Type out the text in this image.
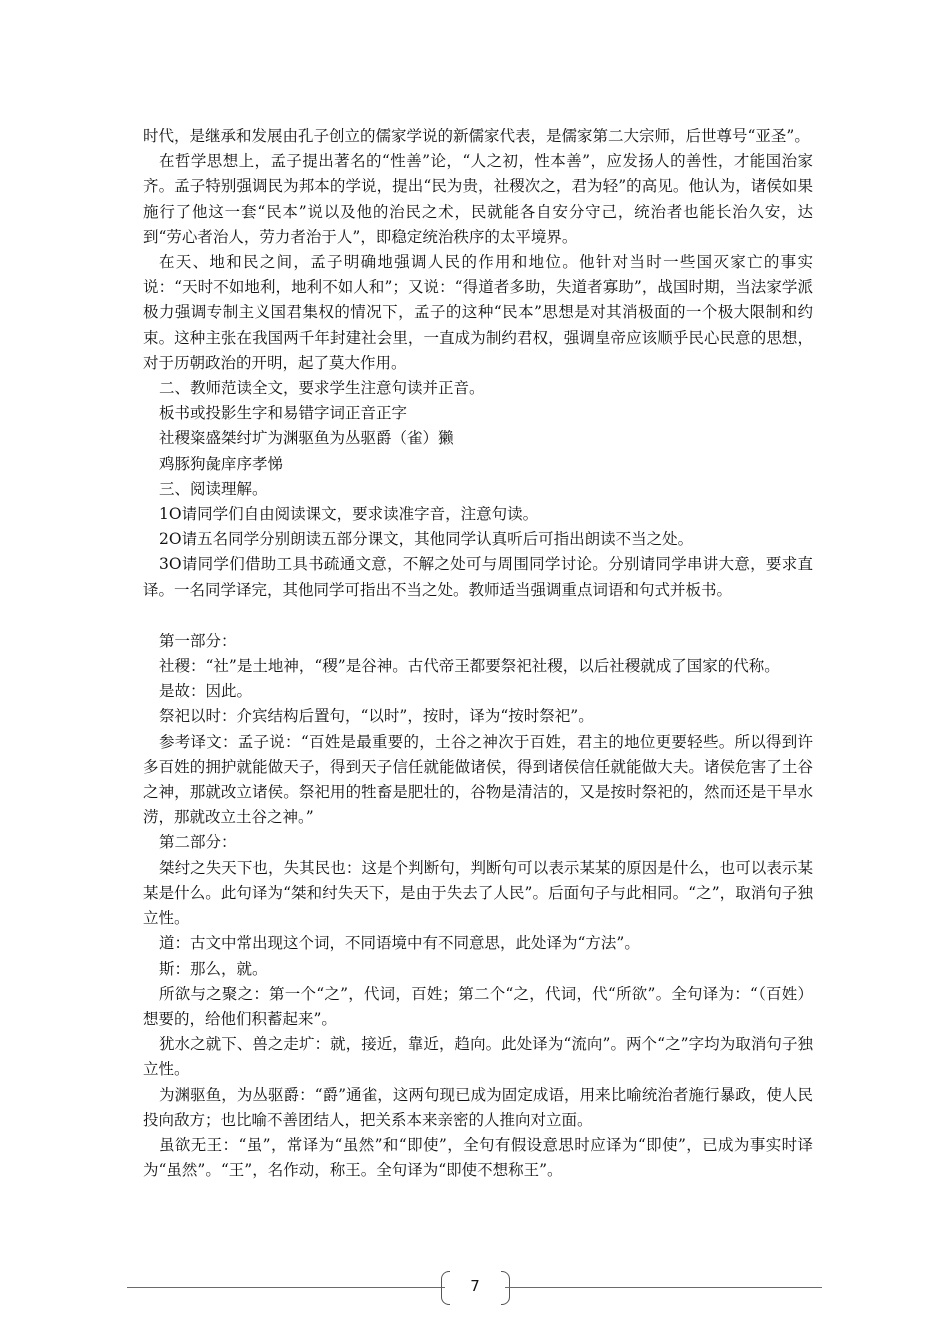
时代，是继承和发展由孔子创立的儒家学说的新儒家代表，是儒家第二大宗师，后世尊号“亚圣”。

在哲学思想上，孟子提出著名的“性善”论，“人之初，性本善”，应发扬人的善性，才能国治家齐。孟子特别强调民为邦本的学说，提出“民为贵，社稷次之，君为轻”的高见。他认为，诸侯如果施行了他这一套“民本”说以及他的治民之术，民就能各自安分守己，统治者也能长治久安，达到“劳心者治人，劳力者治于人”，即稳定统治秩序的太平境界。

在天、地和民之间，孟子明确地强调人民的作用和地位。他针对当时一些国灭家亡的事实说：“天时不如地利，地利不如人和”；又说：“得道者多助，失道者寡助”，战国时期，当法家学派极力强调专制主义国君集权的情况下，孟子的这种“民本”思想是对其消极面的一个极大限制和约束。这种主张在我国两千年封建社会里，一直成为制约君权，强调皇帝应该顺乎民心民意的思想，对于历朝政治的开明，起了莫大作用。

二、教师范读全文，要求学生注意句读并正音。

板书或投影生字和易错字词正音正字

社稷粢盛桀纣圹为渊驱鱼为丛驱爵（雀）獭

鸡豚狗彘庠序孝悌

三、阅读理解。

1O请同学们自由阅读课文，要求读准字音，注意句读。

2O请五名同学分别朗读五部分课文，其他同学认真听后可指出朗读不当之处。

3O请同学们借助工具书疏通文意，不解之处可与周围同学讨论。分别请同学串讲大意，要求直译。一名同学译完，其他同学可指出不当之处。教师适当强调重点词语和句式并板书。

第一部分：

社稷：“社”是土地神，“稷”是谷神。古代帝王都要祭祀社稷，以后社稷就成了国家的代称。

是故：因此。

祭祀以时：介宾结构后置句，“以时”，按时，译为“按时祭祀”。

参考译文：孟子说：“百姓是最重要的，土谷之神次于百姓，君主的地位更要轻些。所以得到许多百姓的拥护就能做天子，得到天子信任就能做诸侯，得到诸侯信任就能做大夫。诸侯危害了土谷之神，那就改立诸侯。祭祀用的牲畜是肥壮的，谷物是清洁的，又是按时祭祀的，然而还是干旱水涝，那就改立土谷之神。”

第二部分：

桀纣之失天下也，失其民也：这是个判断句，判断句可以表示某某的原因是什么，也可以表示某某是什么。此句译为“桀和纣失天下，是由于失去了人民”。后面句子与此相同。“之”，取消句子独立性。

道：古文中常出现这个词，不同语境中有不同意思，此处译为“方法”。

斯：那么，就。

所欲与之聚之：第一个“之”，代词，百姓；第二个“之，代词，代“所欲”。全句译为：“（百姓）想要的，给他们积蓄起来”。

犹水之就下、兽之走圹：就，接近，靠近，趋向。此处译为“流向”。两个“之”字均为取消句子独立性。

为渊驱鱼，为丛驱爵：“爵”通雀，这两句现已成为固定成语，用来比喻统治者施行暴政，使人民投向敌方；也比喻不善团结人，把关系本来亲密的人推向对立面。

虽欲无王：“虽”，常译为“虽然”和“即使”，全句有假设意思时应译为“即使”，已成为事实时译为“虽然”。“王”，名作动，称王。全句译为“即使不想称王”。

7
